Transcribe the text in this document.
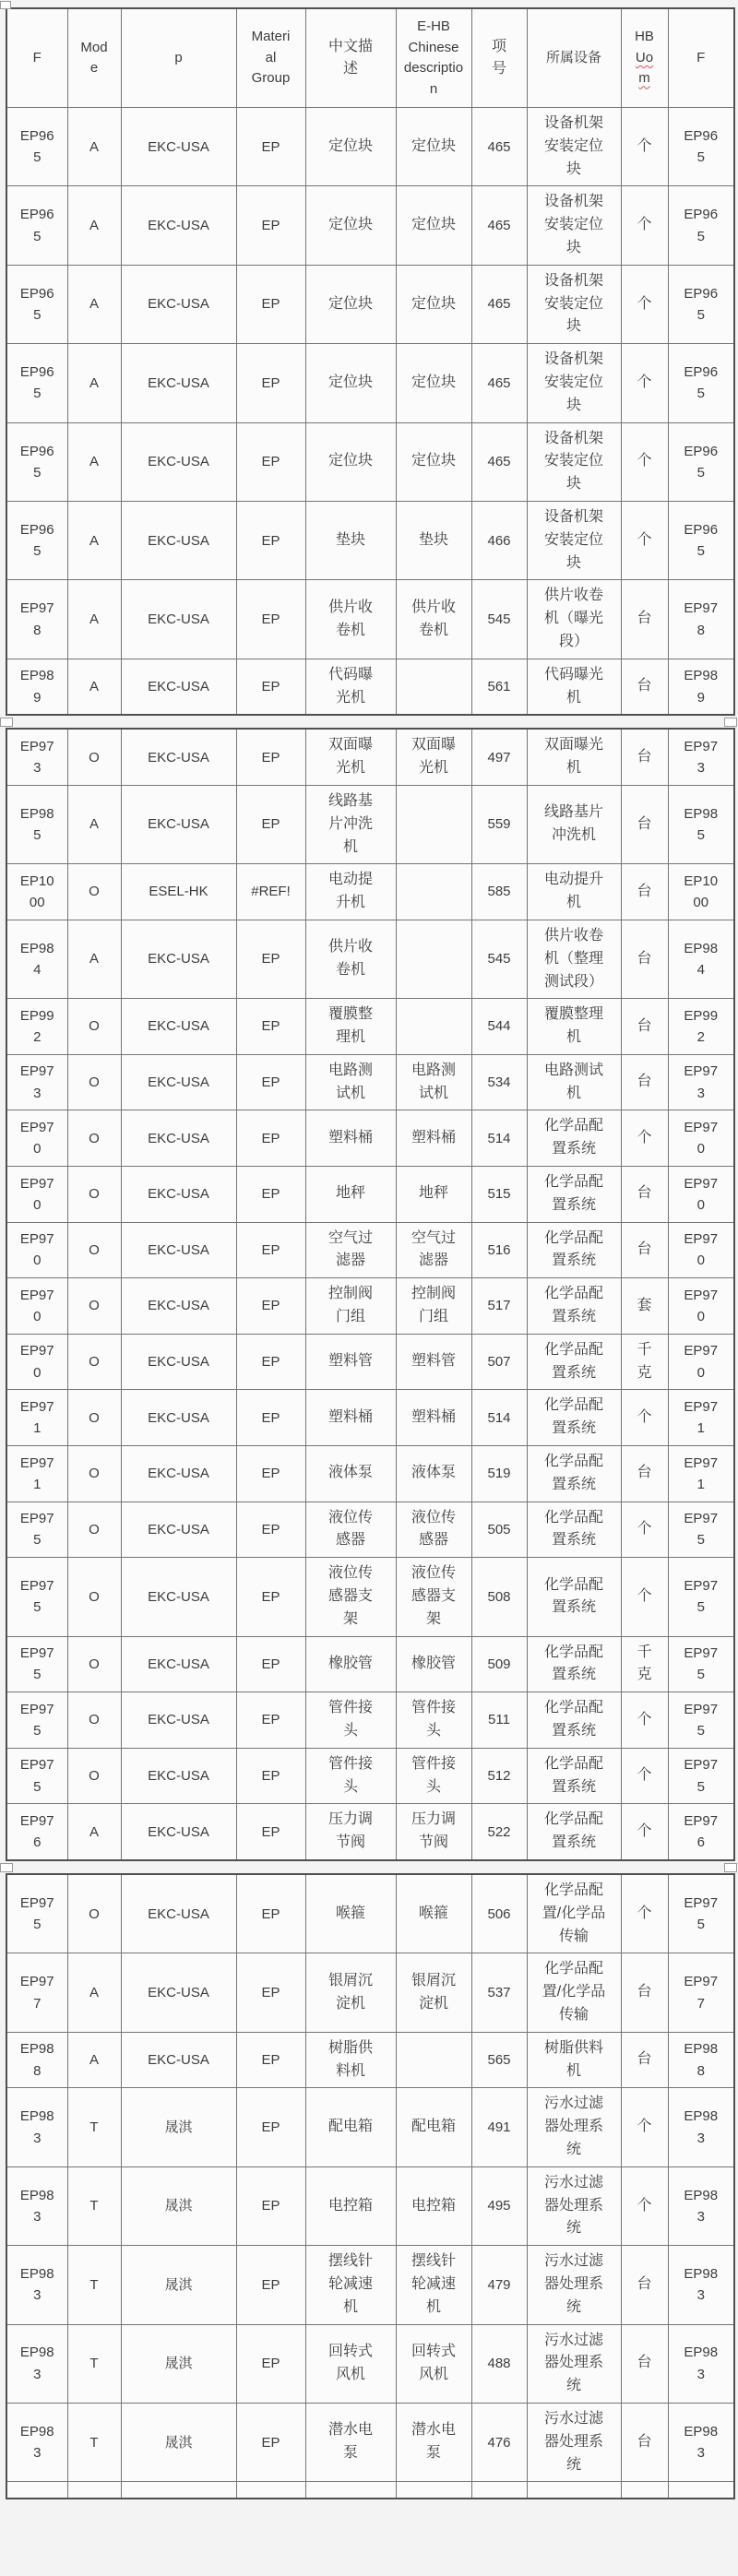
F	Mode	p	Material Group	中文描述	E-HB Chinese description	项号	所属设备	HB Uom	F
EP965	A	EKC-USA	EP	定位块	定位块	465	设备机架安装定位块	个	EP965
EP965	A	EKC-USA	EP	定位块	定位块	465	设备机架安装定位块	个	EP965
EP965	A	EKC-USA	EP	定位块	定位块	465	设备机架安装定位块	个	EP965
EP965	A	EKC-USA	EP	定位块	定位块	465	设备机架安装定位块	个	EP965
EP965	A	EKC-USA	EP	定位块	定位块	465	设备机架安装定位块	个	EP965
EP965	A	EKC-USA	EP	垫块	垫块	466	设备机架安装定位块	个	EP965
EP978	A	EKC-USA	EP	供片收卷机	供片收卷机	545	供片收卷机（曝光段）	台	EP978
EP989	A	EKC-USA	EP	代码曝光机		561	代码曝光机	台	EP989
EP973	O	EKC-USA	EP	双面曝光机	双面曝光机	497	双面曝光机	台	EP973
EP985	A	EKC-USA	EP	线路基片冲洗机		559	线路基片冲洗机	台	EP985
EP1000	O	ESEL-HK	#REF!	电动提升机		585	电动提升机	台	EP1000
EP984	A	EKC-USA	EP	供片收卷机		545	供片收卷机（整理测试段）	台	EP984
EP992	O	EKC-USA	EP	覆膜整理机		544	覆膜整理机	台	EP992
EP973	O	EKC-USA	EP	电路测试机	电路测试机	534	电路测试机	台	EP973
EP970	O	EKC-USA	EP	塑料桶	塑料桶	514	化学品配置系统	个	EP970
EP970	O	EKC-USA	EP	地秤	地秤	515	化学品配置系统	台	EP970
EP970	O	EKC-USA	EP	空气过滤器	空气过滤器	516	化学品配置系统	台	EP970
EP970	O	EKC-USA	EP	控制阀门组	控制阀门组	517	化学品配置系统	套	EP970
EP970	O	EKC-USA	EP	塑料管	塑料管	507	化学品配置系统	千克	EP970
EP971	O	EKC-USA	EP	塑料桶	塑料桶	514	化学品配置系统	个	EP971
EP971	O	EKC-USA	EP	液体泵	液体泵	519	化学品配置系统	台	EP971
EP975	O	EKC-USA	EP	液位传感器	液位传感器	505	化学品配置系统	个	EP975
EP975	O	EKC-USA	EP	液位传感器支架	液位传感器支架	508	化学品配置系统	个	EP975
EP975	O	EKC-USA	EP	橡胶管	橡胶管	509	化学品配置系统	千克	EP975
EP975	O	EKC-USA	EP	管件接头	管件接头	511	化学品配置系统	个	EP975
EP975	O	EKC-USA	EP	管件接头	管件接头	512	化学品配置系统	个	EP975
EP976	A	EKC-USA	EP	压力调节阀	压力调节阀	522	化学品配置系统	个	EP976
EP975	O	EKC-USA	EP	喉箍	喉箍	506	化学品配置/化学品传输	个	EP975
EP977	A	EKC-USA	EP	银屑沉淀机	银屑沉淀机	537	化学品配置/化学品传输	台	EP977
EP988	A	EKC-USA	EP	树脂供料机		565	树脂供料机	台	EP988
EP983	T	晟淇	EP	配电箱	配电箱	491	污水过滤器处理系统	个	EP983
EP983	T	晟淇	EP	电控箱	电控箱	495	污水过滤器处理系统	个	EP983
EP983	T	晟淇	EP	摆线针轮减速机	摆线针轮减速机	479	污水过滤器处理系统	台	EP983
EP983	T	晟淇	EP	回转式风机	回转式风机	488	污水过滤器处理系统	台	EP983
EP983	T	晟淇	EP	潜水电泵	潜水电泵	476	污水过滤器处理系统	台	EP983
